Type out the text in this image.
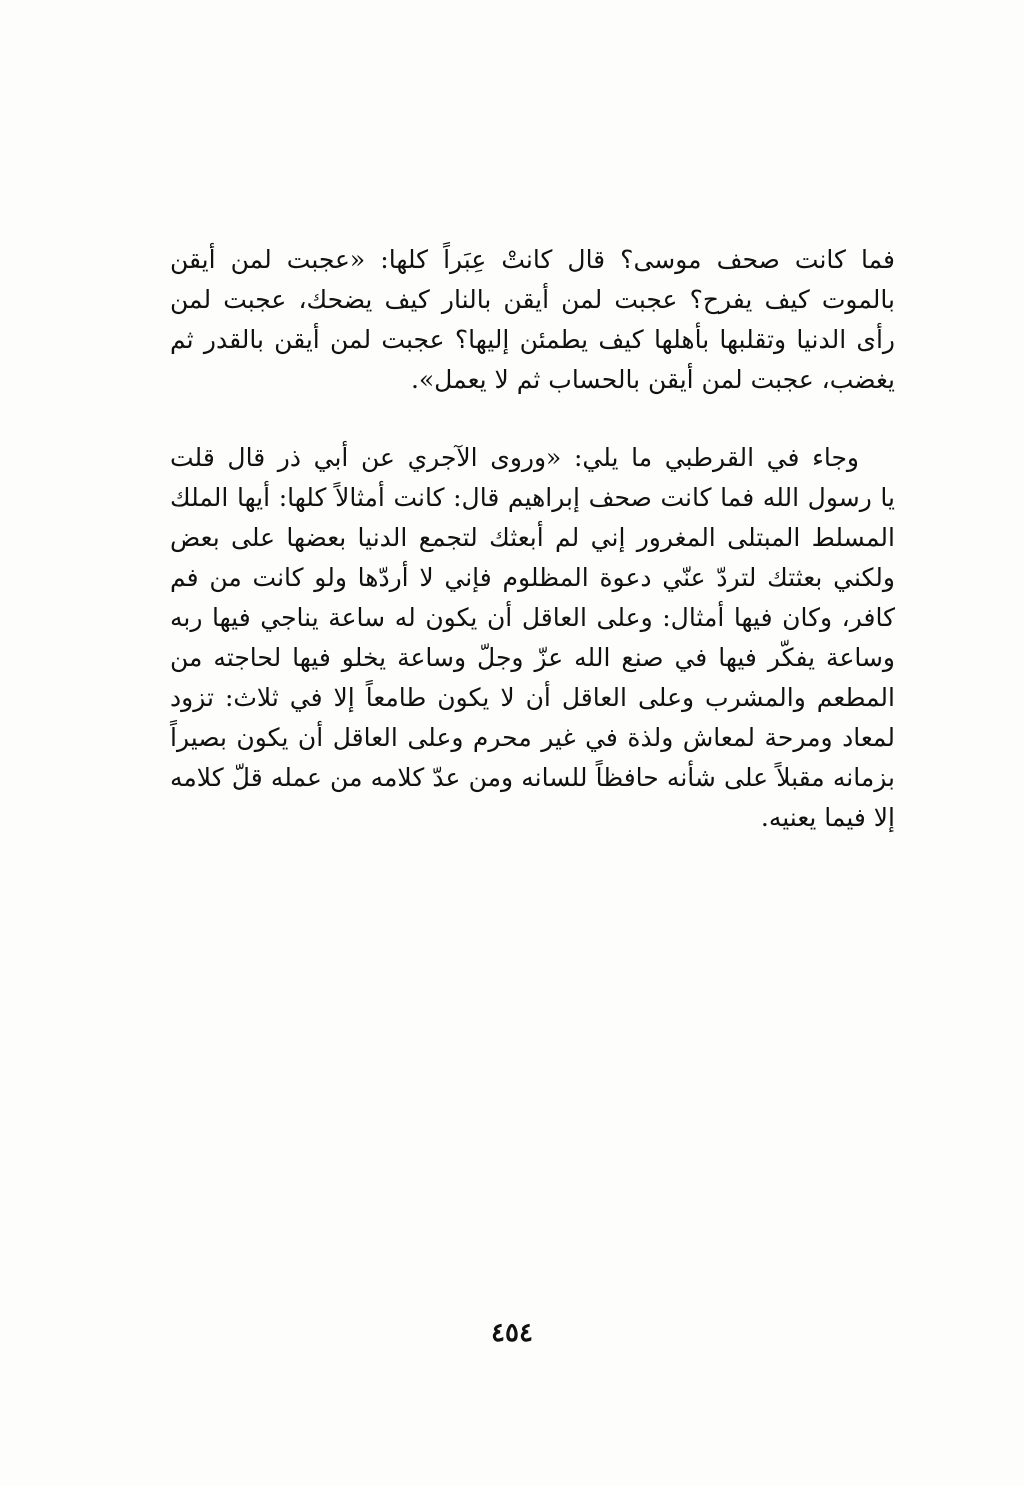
فما كانت صحف موسى؟ قال كانتْ عِبَراً كلها: «عجبت لمن أيقن
بالموت كيف يفرح؟ عجبت لمن أيقن بالنار كيف يضحك، عجبت لمن
رأى الدنيا وتقلبها بأهلها كيف يطمئن إليها؟ عجبت لمن أيقن بالقدر ثم
يغضب، عجبت لمن أيقن بالحساب ثم لا يعمل».
وجاء في القرطبي ما يلي: «وروى الآجري عن أبي ذر قال قلت
يا رسول الله فما كانت صحف إبراهيم قال: كانت أمثالاً كلها: أيها الملك
المسلط المبتلى المغرور إني لم أبعثك لتجمع الدنيا بعضها على بعض
ولكني بعثتك لتردّ عنّي دعوة المظلوم فإني لا أردّها ولو كانت من فم
كافر، وكان فيها أمثال: وعلى العاقل أن يكون له ساعة يناجي فيها ربه
وساعة يفكّر فيها في صنع الله عزّ وجلّ وساعة يخلو فيها لحاجته من
المطعم والمشرب وعلى العاقل أن لا يكون طامعاً إلا في ثلاث: تزود
لمعاد ومرحة لمعاش ولذة في غير محرم وعلى العاقل أن يكون بصيراً
بزمانه مقبلاً على شأنه حافظاً للسانه ومن عدّ كلامه من عمله قلّ كلامه
إلا فيما يعنيه.
٤٥٤
